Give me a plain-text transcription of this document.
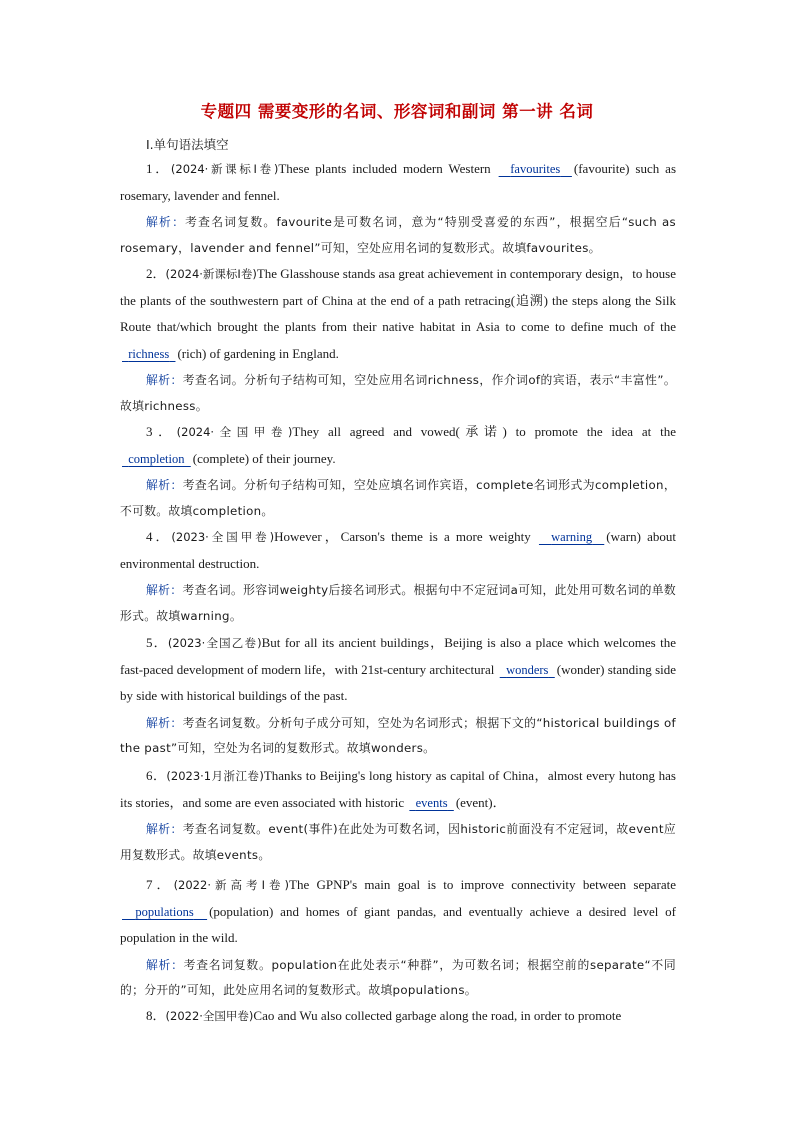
专题四 需要变形的名词、形容词和副词 第一讲 名词
Ⅰ.单句语法填空
1．(2024·新课标Ⅰ卷)These plants included modern Western favourites (favourite) such as rosemary, lavender and fennel.
解析：考查名词复数。favourite是可数名词，意为“特别受喜爱的东西”，根据空后“such as rosemary，lavender and fennel”可知，空处应用名词的复数形式。故填favourites。
2．(2024·新课标Ⅰ卷)The Glasshouse stands asa great achievement in contemporary design，to house the plants of the southwestern part of China at the end of a path retracing(追溯) the steps along the Silk Route that/which brought the plants from their native habitat in Asia to come to define much of the richness (rich) of gardening in England.
解析：考查名词。分析句子结构可知，空处应用名词richness，作介词of的宾语，表示“丰富性”。故填richness。
3．(2024·全国甲卷)They all agreed and vowed(承诺) to promote the idea at the completion (complete) of their journey.
解析：考查名词。分析句子结构可知，空处应填名词作宾语，complete名词形式为completion，不可数。故填completion。
4．(2023·全国甲卷)However，Carson's theme is a more weighty warning (warn) about environmental destruction.
解析：考查名词。形容词weighty后接名词形式。根据句中不定冠词a可知，此处用可数名词的单数形式。故填warning。
5．(2023·全国乙卷)But for all its ancient buildings，Beijing is also a place which welcomes the fast-paced development of modern life，with 21st-century architectural wonders (wonder) standing side by side with historical buildings of the past.
解析：考查名词复数。分析句子成分可知，空处为名词形式；根据下文的“historical buildings of the past”可知，空处为名词的复数形式。故填wonders。
6．(2023·1月浙江卷)Thanks to Beijing's long history as capital of China，almost every hutong has its stories，and some are even associated with historic events (event)．
解析：考查名词复数。event(事件)在此处为可数名词，因historic前面没有不定冠词，故event应用复数形式。故填events。
7．(2022·新高考Ⅰ卷)The GPNP's main goal is to improve connectivity between separate populations (population) and homes of giant pandas, and eventually achieve a desired level of population in the wild.
解析：考查名词复数。population在此处表示“种群”，为可数名词；根据空前的separate“不同的；分开的”可知，此处应用名词的复数形式。故填populations。
8．(2022·全国甲卷)Cao and Wu also collected garbage along the road, in order to promote
